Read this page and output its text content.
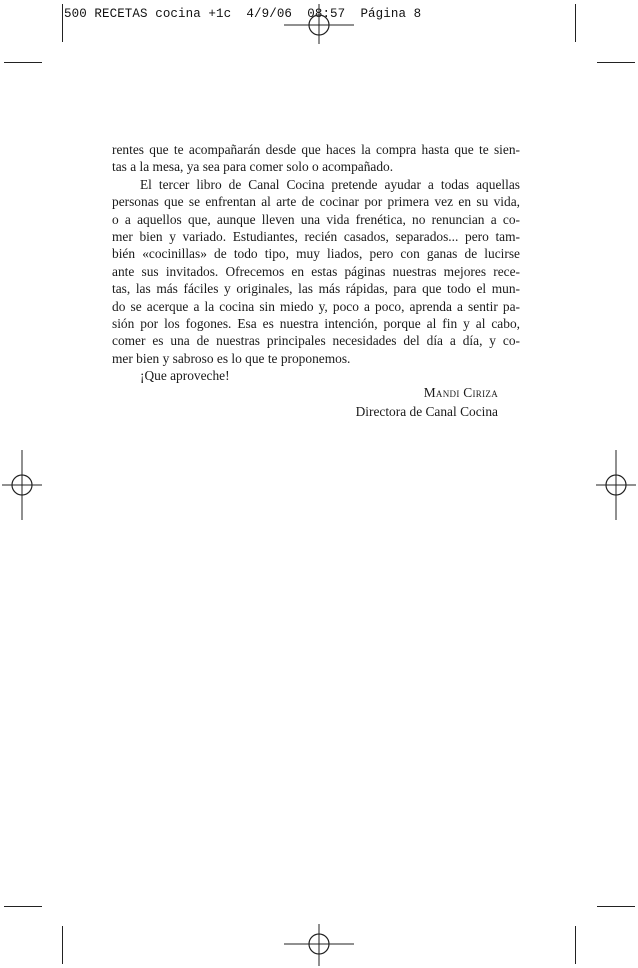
500 RECETAS cocina +1c  4/9/06  08:57  Página 8
rentes que te acompañarán desde que haces la compra hasta que te sien-
tas a la mesa, ya sea para comer solo o acompañado.
El tercer libro de Canal Cocina pretende ayudar a todas aquellas
personas que se enfrentan al arte de cocinar por primera vez en su vida,
o a aquellos que, aunque lleven una vida frenética, no renuncian a co-
mer bien y variado. Estudiantes, recién casados, separados... pero tam-
bién «cocinillas» de todo tipo, muy liados, pero con ganas de lucirse
ante sus invitados. Ofrecemos en estas páginas nuestras mejores rece-
tas, las más fáciles y originales, las más rápidas, para que todo el mun-
do se acerque a la cocina sin miedo y, poco a poco, aprenda a sentir pa-
sión por los fogones. Esa es nuestra intención, porque al fin y al cabo,
comer es una de nuestras principales necesidades del día a día, y co-
mer bien y sabroso es lo que te proponemos.
¡Que aproveche!
Mandi Ciriza
Directora de Canal Cocina
